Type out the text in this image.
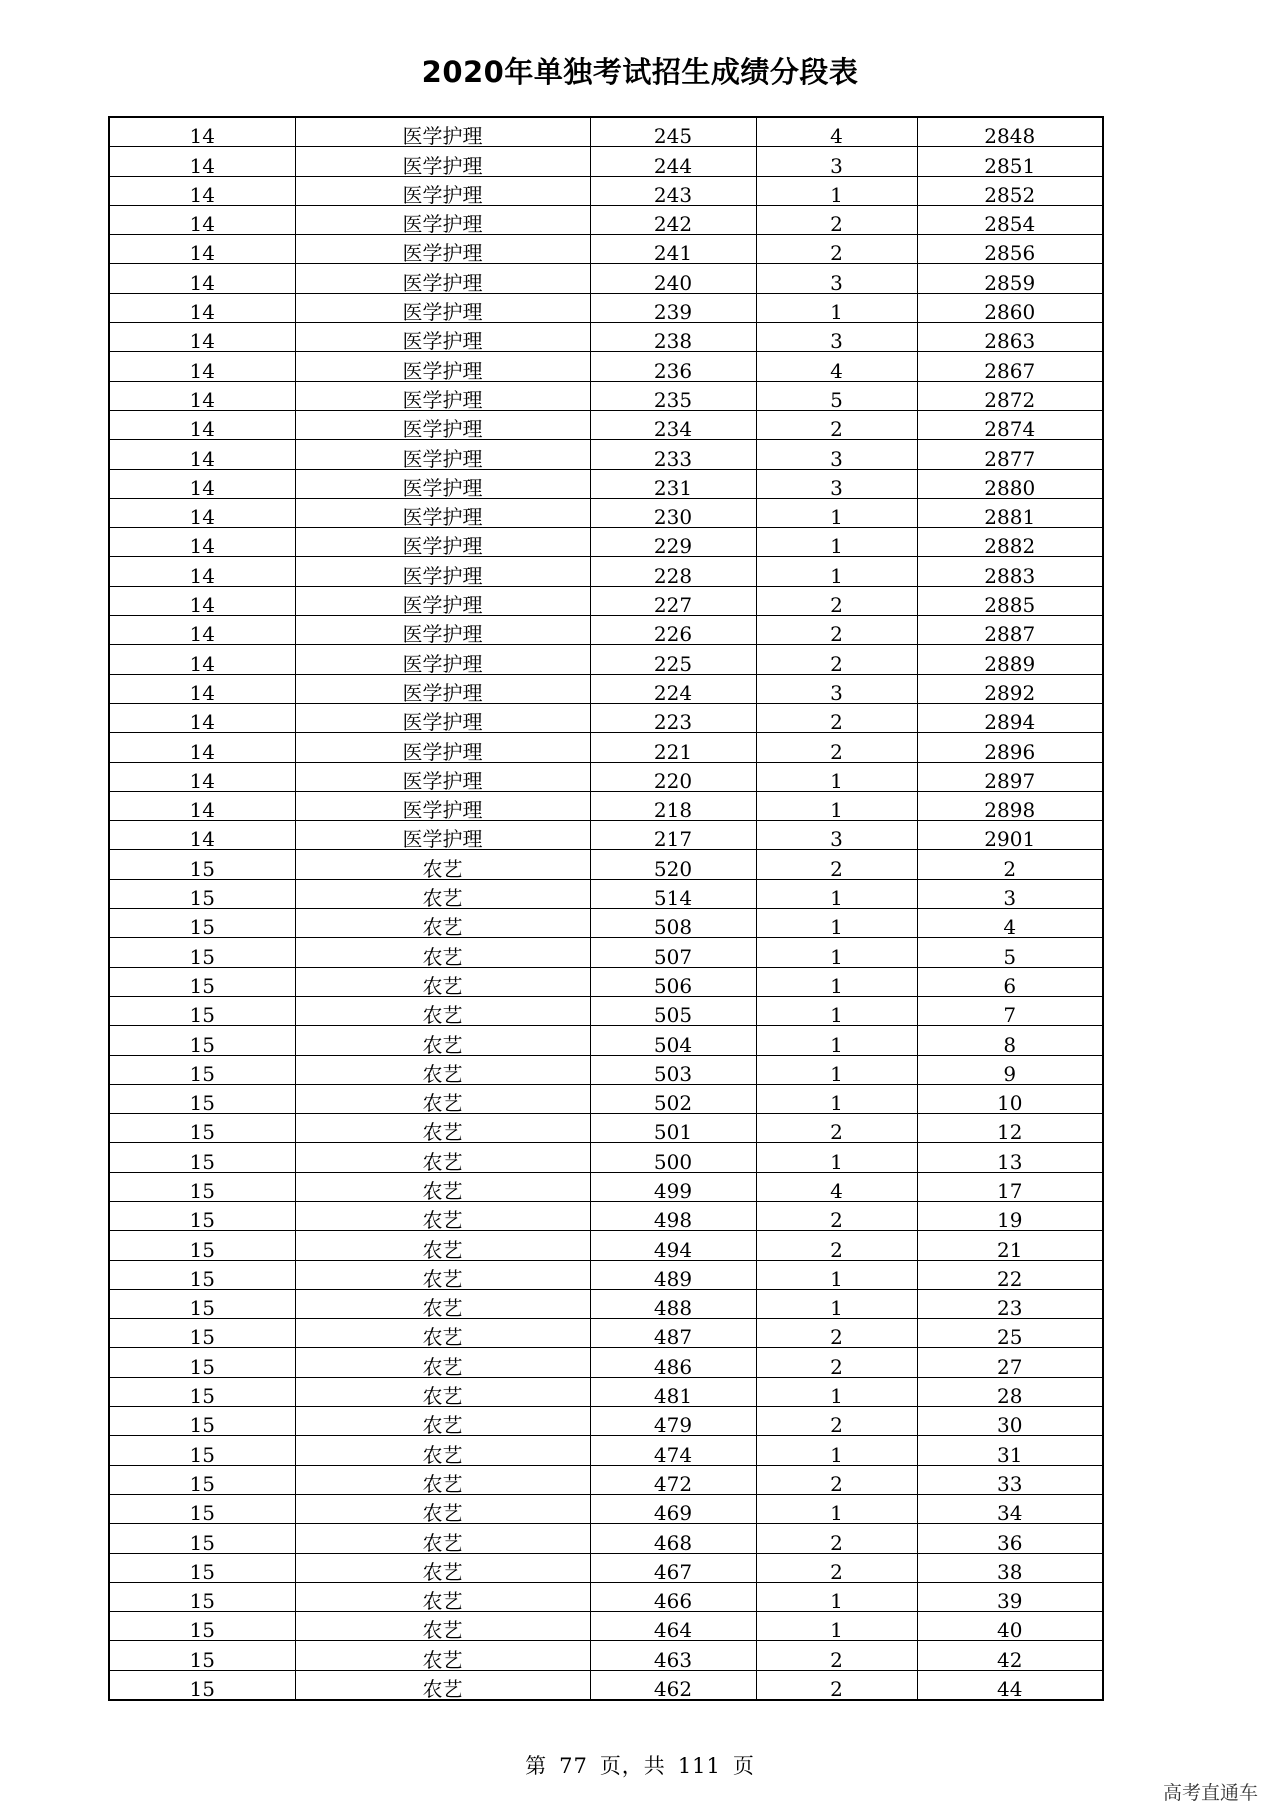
2020年单独考试招生成绩分段表
14	医学护理	245	4	2848
14	医学护理	244	3	2851
14	医学护理	243	1	2852
14	医学护理	242	2	2854
14	医学护理	241	2	2856
14	医学护理	240	3	2859
14	医学护理	239	1	2860
14	医学护理	238	3	2863
14	医学护理	236	4	2867
14	医学护理	235	5	2872
14	医学护理	234	2	2874
14	医学护理	233	3	2877
14	医学护理	231	3	2880
14	医学护理	230	1	2881
14	医学护理	229	1	2882
14	医学护理	228	1	2883
14	医学护理	227	2	2885
14	医学护理	226	2	2887
14	医学护理	225	2	2889
14	医学护理	224	3	2892
14	医学护理	223	2	2894
14	医学护理	221	2	2896
14	医学护理	220	1	2897
14	医学护理	218	1	2898
14	医学护理	217	3	2901
15	农艺	520	2	2
15	农艺	514	1	3
15	农艺	508	1	4
15	农艺	507	1	5
15	农艺	506	1	6
15	农艺	505	1	7
15	农艺	504	1	8
15	农艺	503	1	9
15	农艺	502	1	10
15	农艺	501	2	12
15	农艺	500	1	13
15	农艺	499	4	17
15	农艺	498	2	19
15	农艺	494	2	21
15	农艺	489	1	22
15	农艺	488	1	23
15	农艺	487	2	25
15	农艺	486	2	27
15	农艺	481	1	28
15	农艺	479	2	30
15	农艺	474	1	31
15	农艺	472	2	33
15	农艺	469	1	34
15	农艺	468	2	36
15	农艺	467	2	38
15	农艺	466	1	39
15	农艺	464	1	40
15	农艺	463	2	42
15	农艺	462	2	44
第 77 页，共 111 页
高考直通车
